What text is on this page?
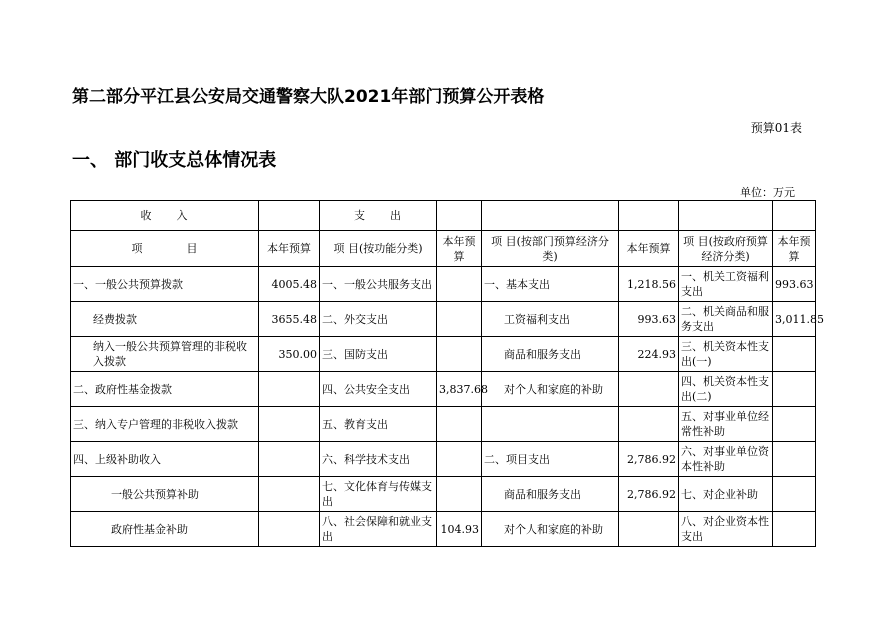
第二部分平江县公安局交通警察大队2021年部门预算公开表格
预算01表
一、 部门收支总体情况表
单位：万元
收　　入		支　　出					
项　　　　目	本年预算	项 目(按功能分类)	本年预算	项 目(按部门预算经济分类)	本年预算	项 目(按政府预算经济分类)	本年预算
一、一般公共预算拨款	4005.48	一、一般公共服务支出		一、基本支出	1,218.56	一、机关工资福利支出	993.63
经费拨款	3655.48	二、外交支出		工资福利支出	993.63	二、机关商品和服务支出	3,011.85
纳入一般公共预算管理的非税收入拨款	350.00	三、国防支出		商品和服务支出	224.93	三、机关资本性支出(一)	
二、政府性基金拨款		四、公共安全支出	3,837.68	对个人和家庭的补助		四、机关资本性支出(二)	
三、纳入专户管理的非税收入拨款		五、教育支出				五、对事业单位经常性补助	
四、上级补助收入		六、科学技术支出		二、项目支出	2,786.92	六、对事业单位资本性补助	
一般公共预算补助		七、文化体育与传媒支出		商品和服务支出	2,786.92	七、对企业补助	
政府性基金补助		八、社会保障和就业支出	104.93	对个人和家庭的补助		八、对企业资本性支出	
